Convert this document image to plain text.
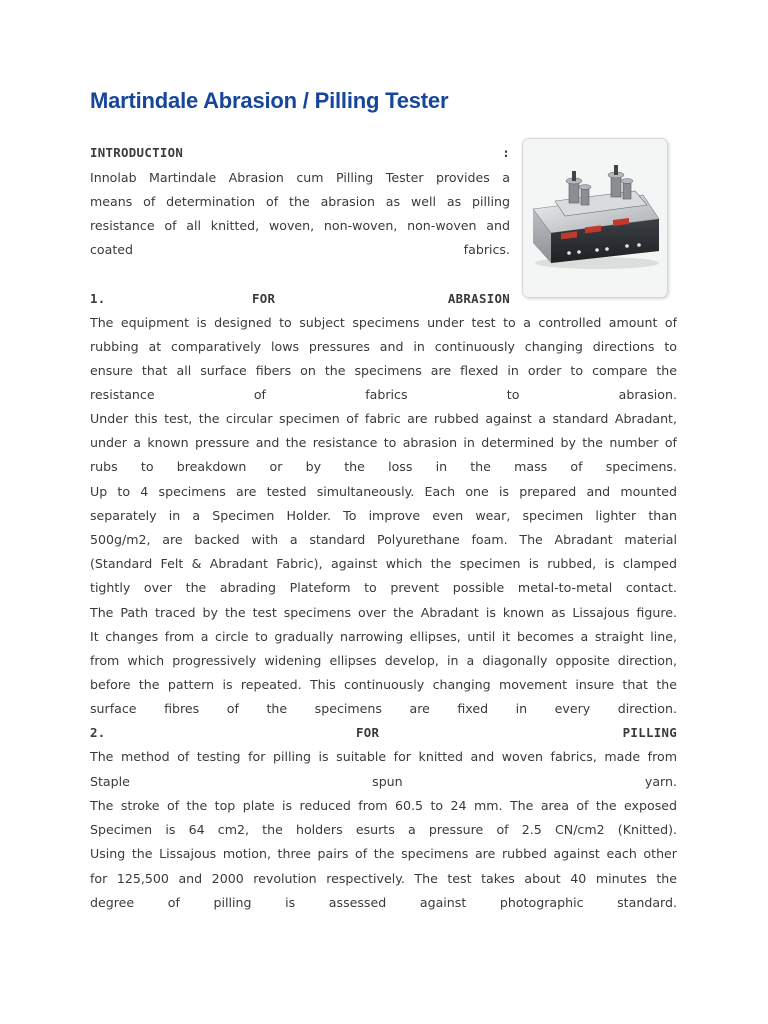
Martindale Abrasion / Pilling Tester
INTRODUCTION	:
Innolab Martindale Abrasion cum Pilling Tester provides a
means of determination of the abrasion as well as pilling
resistance of all knitted, woven, non-woven, non-woven and
coated fabrics.
1.	FOR	ABRASION
The equipment is designed to subject specimens under test to a controlled amount of
rubbing at comparatively lows pressures and in continuously changing directions to
ensure that all surface fibers on the specimens are flexed in order to compare the
resistance of fabrics to abrasion.
Under this test, the circular specimen of fabric are rubbed against a standard Abradant,
under a known pressure and the resistance to abrasion in determined by the number of
rubs to breakdown or by the loss in the mass of specimens.
Up to 4 specimens are tested simultaneously. Each one is prepared and mounted
separately in a Specimen Holder. To improve even wear, specimen lighter than
500g/m2, are backed with a standard Polyurethane foam. The Abradant material
(Standard Felt & Abradant Fabric), against which the specimen is rubbed, is clamped
tightly over the abrading Plateform to prevent possible metal-to-metal contact.
The Path traced by the test specimens over the Abradant is known as Lissajous figure.
It changes from a circle to gradually narrowing ellipses, until it becomes a straight line,
from which progressively widening ellipses develop, in a diagonally opposite direction,
before the pattern is repeated. This continuously changing movement insure that the
surface fibres of the specimens are fixed in every direction.
2.	FOR	PILLING
The method of testing for pilling is suitable for knitted and woven fabrics, made from
Staple spun yarn.
The stroke of the top plate is reduced from 60.5 to 24 mm. The area of the exposed
Specimen is 64 cm2, the holders esurts a pressure of 2.5 CN/cm2 (Knitted).
Using the Lissajous motion, three pairs of the specimens are rubbed against each other
for 125,500 and 2000 revolution respectively. The test takes about 40 minutes the
degree of pilling is assessed against photographic standard.
